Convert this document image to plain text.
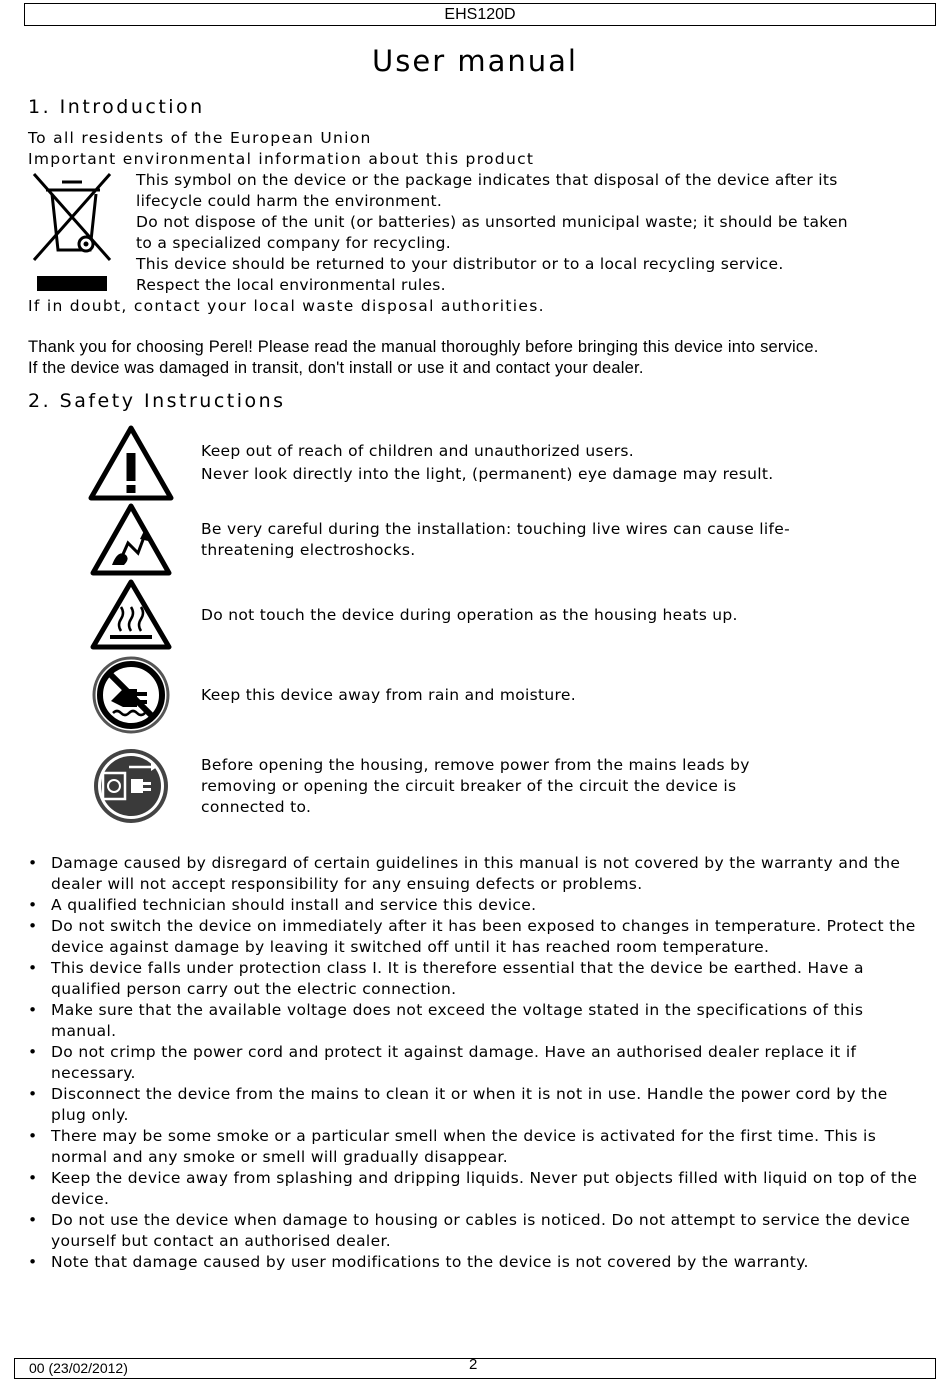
EHS120D
User manual
1. Introduction
To all residents of the European Union
Important environmental information about this product
This symbol on the device or the package indicates that disposal of the device after its
lifecycle could harm the environment.
Do not dispose of the unit (or batteries) as unsorted municipal waste; it should be taken
to a specialized company for recycling.
This device should be returned to your distributor or to a local recycling service.
Respect the local environmental rules.
If in doubt, contact your local waste disposal authorities.
Thank you for choosing Perel! Please read the manual thoroughly before bringing this device into service.
If the device was damaged in transit, don't install or use it and contact your dealer.
2. Safety Instructions
Keep out of reach of children and unauthorized users.
Never look directly into the light, (permanent) eye damage may result.
Be very careful during the installation: touching live wires can cause life-
threatening electroshocks.
Do not touch the device during operation as the housing heats up.
Keep this device away from rain and moisture.
Before opening the housing, remove power from the mains leads by
removing or opening the circuit breaker of the circuit the device is
connected to.
• Damage caused by disregard of certain guidelines in this manual is not covered by the warranty and the dealer will not accept responsibility for any ensuing defects or problems.
• A qualified technician should install and service this device.
• Do not switch the device on immediately after it has been exposed to changes in temperature. Protect the device against damage by leaving it switched off until it has reached room temperature.
• This device falls under protection class I. It is therefore essential that the device be earthed. Have a qualified person carry out the electric connection.
• Make sure that the available voltage does not exceed the voltage stated in the specifications of this manual.
• Do not crimp the power cord and protect it against damage. Have an authorised dealer replace it if necessary.
• Disconnect the device from the mains to clean it or when it is not in use. Handle the power cord by the plug only.
• There may be some smoke or a particular smell when the device is activated for the first time. This is normal and any smoke or smell will gradually disappear.
• Keep the device away from splashing and dripping liquids. Never put objects filled with liquid on top of the device.
• Do not use the device when damage to housing or cables is noticed. Do not attempt to service the device yourself but contact an authorised dealer.
• Note that damage caused by user modifications to the device is not covered by the warranty.
00 (23/02/2012)	2
